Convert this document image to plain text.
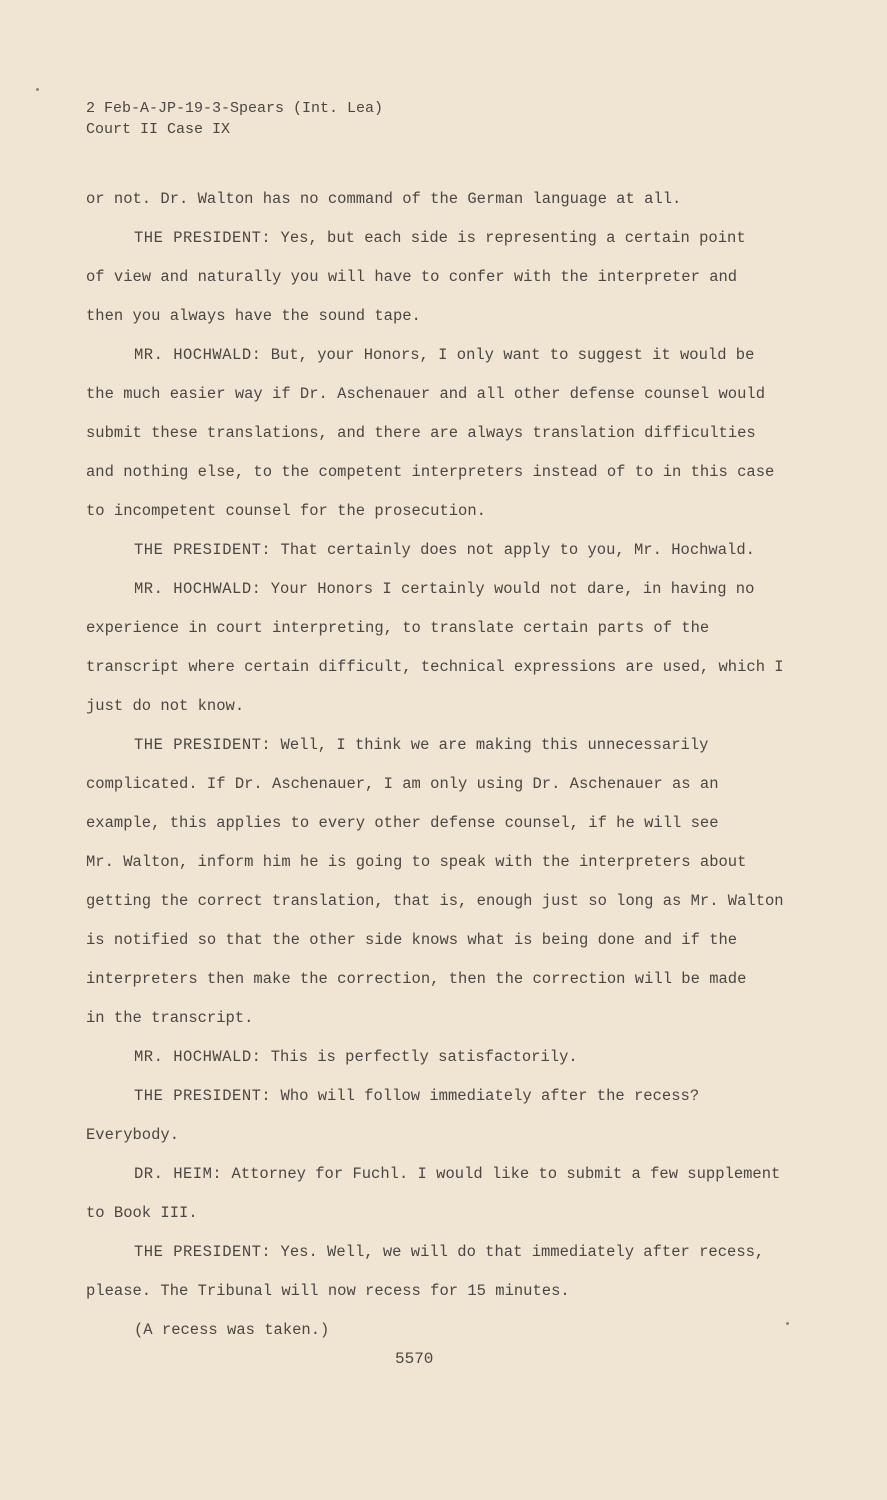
2 Feb-A-JP-19-3-Spears (Int. Lea)
Court II Case IX
or not. Dr. Walton has no command of the German language at all.
THE PRESIDENT: Yes, but each side is representing a certain point
of view and naturally you will have to confer with the interpreter and
then you always have the sound tape.
MR. HOCHWALD: But, your Honors, I only want to suggest it would be
the much easier way if Dr. Aschenauer and all other defense counsel would
submit these translations, and there are always translation difficulties
and nothing else, to the competent interpreters instead of to in this case
to incompetent counsel for the prosecution.
THE PRESIDENT: That certainly does not apply to you, Mr. Hochwald.
MR. HOCHWALD: Your Honors I certainly would not dare, in having no
experience in court interpreting, to translate certain parts of the
transcript where certain difficult, technical expressions are used, which I
just do not know.
THE PRESIDENT: Well, I think we are making this unnecessarily
complicated. If Dr. Aschenauer, I am only using Dr. Aschenauer as an
example, this applies to every other defense counsel, if he will see
Mr. Walton, inform him he is going to speak with the interpreters about
getting the correct translation, that is, enough just so long as Mr. Walton
is notified so that the other side knows what is being done and if the
interpreters then make the correction, then the correction will be made
in the transcript.
MR. HOCHWALD: This is perfectly satisfactorily.
THE PRESIDENT: Who will follow immediately after the recess?
Everybody.
DR. HEIM: Attorney for Fuchl. I would like to submit a few supplement
to Book III.
THE PRESIDENT: Yes. Well, we will do that immediately after recess,
please. The Tribunal will now recess for 15 minutes.
(A recess was taken.)
5570
